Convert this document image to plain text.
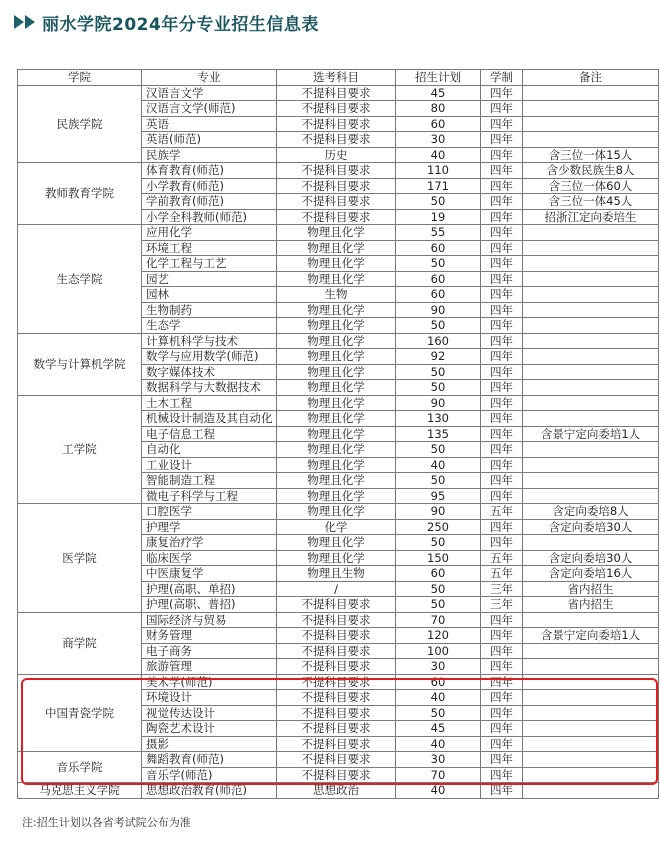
丽水学院2024年分专业招生信息表
学院	专业	选考科目	招生计划	学制	备注
民族学院	汉语言文学	不提科目要求	45	四年	
	汉语言文学(师范)	不提科目要求	80	四年	
	英语	不提科目要求	60	四年	
	英语(师范)	不提科目要求	30	四年	
	民族学	历史	40	四年	含三位一体15人
教师教育学院	体育教育(师范)	不提科目要求	110	四年	含少数民族生8人
	小学教育(师范)	不提科目要求	171	四年	含三位一体60人
	学前教育(师范)	不提科目要求	50	四年	含三位一体45人
	小学全科教师(师范)	不提科目要求	19	四年	招浙江定向委培生
生态学院	应用化学	物理且化学	55	四年	
	环境工程	物理且化学	60	四年	
	化学工程与工艺	物理且化学	50	四年	
	园艺	物理且化学	60	四年	
	园林	生物	60	四年	
	生物制药	物理且化学	90	四年	
	生态学	物理且化学	50	四年	
数学与计算机学院	计算机科学与技术	物理且化学	160	四年	
	数学与应用数学(师范)	物理且化学	92	四年	
	数字媒体技术	物理且化学	50	四年	
	数据科学与大数据技术	物理且化学	50	四年	
工学院	土木工程	物理且化学	90	四年	
	机械设计制造及其自动化	物理且化学	130	四年	
	电子信息工程	物理且化学	135	四年	含景宁定向委培1人
	自动化	物理且化学	50	四年	
	工业设计	物理且化学	40	四年	
	智能制造工程	物理且化学	50	四年	
	微电子科学与工程	物理且化学	95	四年	
医学院	口腔医学	物理且化学	90	五年	含定向委培8人
	护理学	化学	250	四年	含定向委培30人
	康复治疗学	物理且化学	50	四年	
	临床医学	物理且化学	150	五年	含定向委培30人
	中医康复学	物理且生物	60	五年	含定向委培16人
	护理(高职、单招)	/	50	三年	省内招生
	护理(高职、普招)	不提科目要求	50	三年	省内招生
商学院	国际经济与贸易	不提科目要求	70	四年	
	财务管理	不提科目要求	120	四年	含景宁定向委培1人
	电子商务	不提科目要求	100	四年	
	旅游管理	不提科目要求	30	四年	
中国青瓷学院	美术学(师范)	不提科目要求	60	四年	
	环境设计	不提科目要求	40	四年	
	视觉传达设计	不提科目要求	50	四年	
	陶瓷艺术设计	不提科目要求	45	四年	
	摄影	不提科目要求	40	四年	
音乐学院	舞蹈教育(师范)	不提科目要求	30	四年	
	音乐学(师范)	不提科目要求	70	四年	
马克思主义学院	思想政治教育(师范)	思想政治	40	四年	
注:招生计划以各省考试院公布为准
